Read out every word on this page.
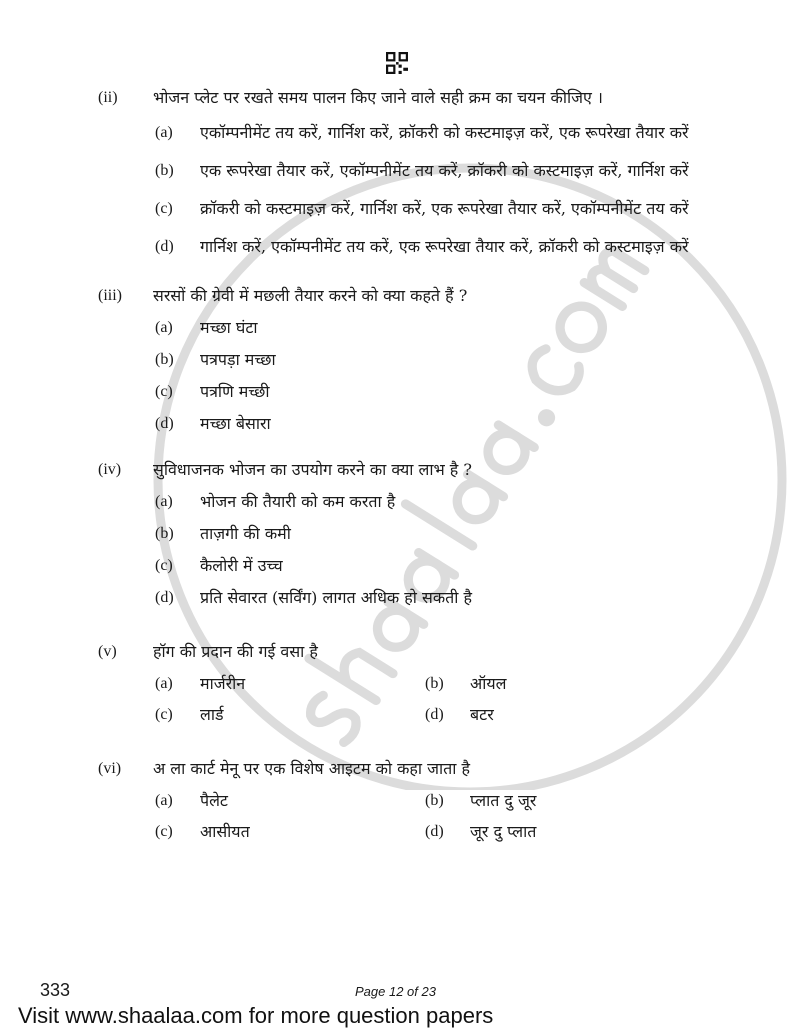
(ii)	भोजन प्लेट पर रखते समय पालन किए जाने वाले सही क्रम का चयन कीजिए ।
(a)	एकॉम्पनीमेंट तय करें, गार्निश करें, क्रॉकरी को कस्टमाइज़ करें, एक रूपरेखा तैयार करें
(b)	एक रूपरेखा तैयार करें, एकॉम्पनीमेंट तय करें, क्रॉकरी को कस्टमाइज़ करें, गार्निश करें
(c)	क्रॉकरी को कस्टमाइज़ करें, गार्निश करें, एक रूपरेखा तैयार करें, एकॉम्पनीमेंट तय करें
(d)	गार्निश करें, एकॉम्पनीमेंट तय करें, एक रूपरेखा तैयार करें, क्रॉकरी को कस्टमाइज़ करें
(iii)	सरसों की ग्रेवी में मछली तैयार करने को क्या कहते हैं ?
(a)	मच्छा घंटा
(b)	पत्रपड़ा मच्छा
(c)	पत्रणि मच्छी
(d)	मच्छा बेसारा
(iv)	सुविधाजनक भोजन का उपयोग करने का क्या लाभ है ?
(a)	भोजन की तैयारी को कम करता है
(b)	ताज़गी की कमी
(c)	कैलोरी में उच्च
(d)	प्रति सेवारत (सर्विंग) लागत अधिक हो सकती है
(v)	हॉग की प्रदान की गई वसा है
(a)	मार्जरीन	(b)	ऑयल
(c)	लार्ड	(d)	बटर
(vi)	अ ला कार्ट मेनू पर एक विशेष आइटम को कहा जाता है
(a)	पैलेट	(b)	प्लात दु जूर
(c)	आसीयत	(d)	जूर दु प्लात
333	Page 12 of 23
Visit www.shaalaa.com for more question papers
